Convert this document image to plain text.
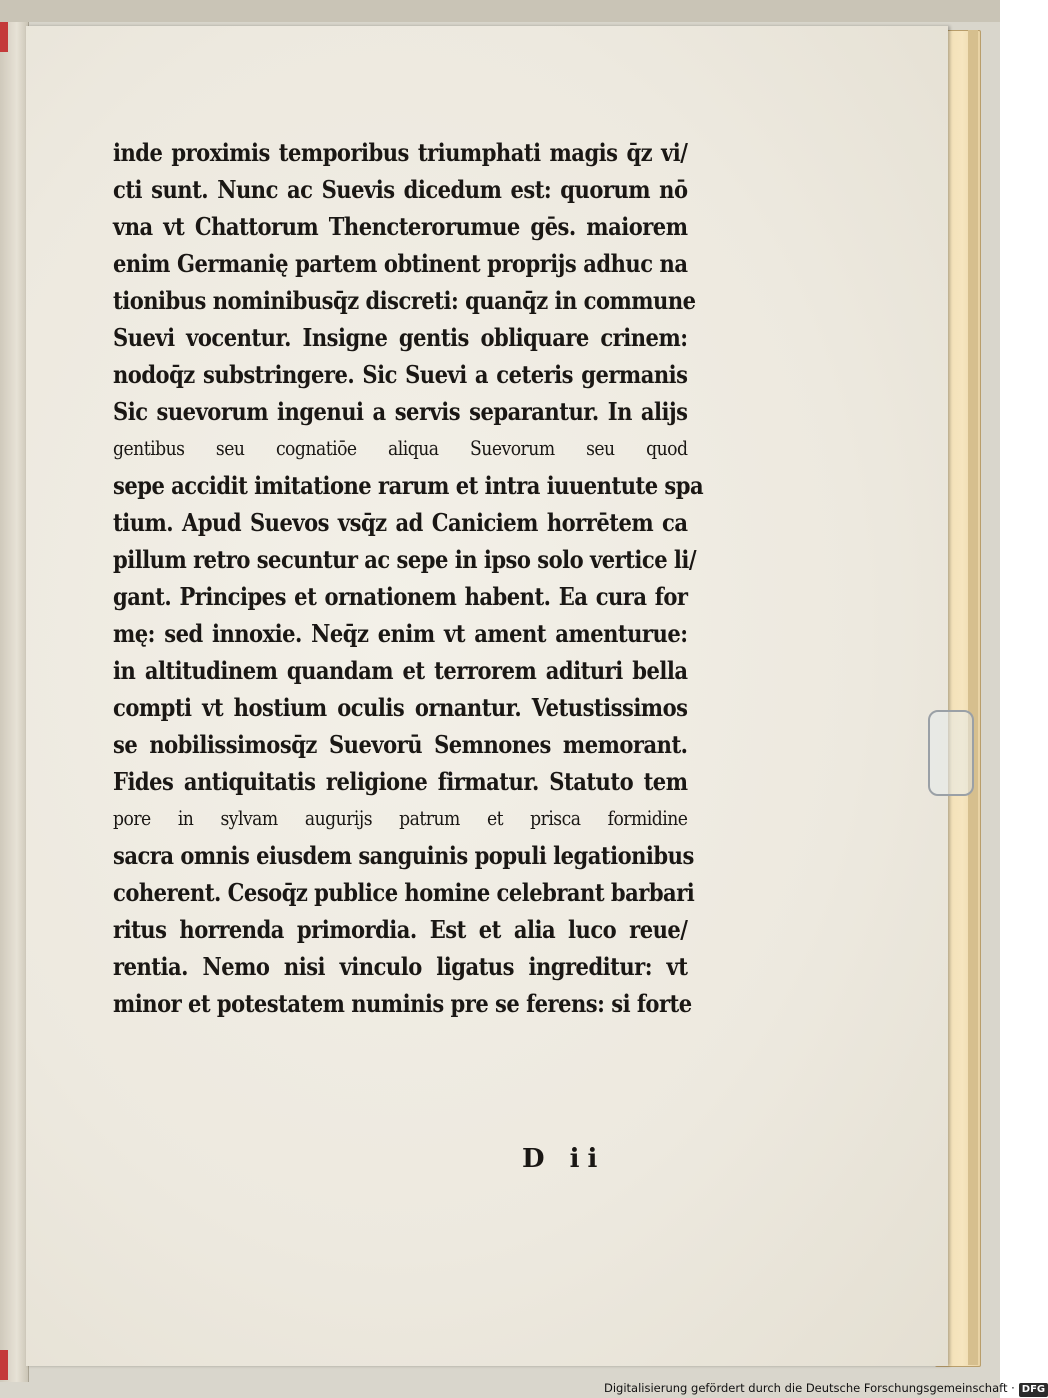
inde proximis temporibus triumphati magis q̄z vi/
cti sunt. Nunc ac Suevis dicedum est: quorum nō
vna vt Chattorum Thencterorumue gēs. maiorem
enim Germanię partem obtinent proprijs adhuc na
tionibus nominibusq̄z discreti: quanq̄z in commune
Suevi vocentur. Insigne gentis obliquare crinem:
nodoq̄z substringere. Sic Suevi a ceteris germanis
Sic suevorum ingenui a servis separantur. In alijs
gentibus seu cognatiōe aliqua Suevorum seu quod
sepe accidit imitatione rarum et intra iuuentute spa
tium. Apud Suevos vsq̄z ad Caniciem horrētem ca
pillum retro secuntur ac sepe in ipso solo vertice li/
gant. Principes et ornationem habent. Ea cura for
mę: sed innoxie. Neq̄z enim vt ament amenturue:
in altitudinem quandam et terrorem adituri bella
compti vt hostium oculis ornantur. Vetustissimos
se nobilissimosq̄z Suevorū Semnones memorant.
Fides antiquitatis religione firmatur. Statuto tem
pore in sylvam augurijs patrum et prisca formidine
sacra omnis eiusdem sanguinis populi legationibus
coherent. Cesoq̄z publice homine celebrant barbari
ritus horrenda primordia. Est et alia luco reue/
rentia. Nemo nisi vinculo ligatus ingreditur: vt
minor et potestatem numinis pre se ferens: si forte
D ii
Digitalisierung gefördert durch die Deutsche Forschungsgemeinschaft · DFG
